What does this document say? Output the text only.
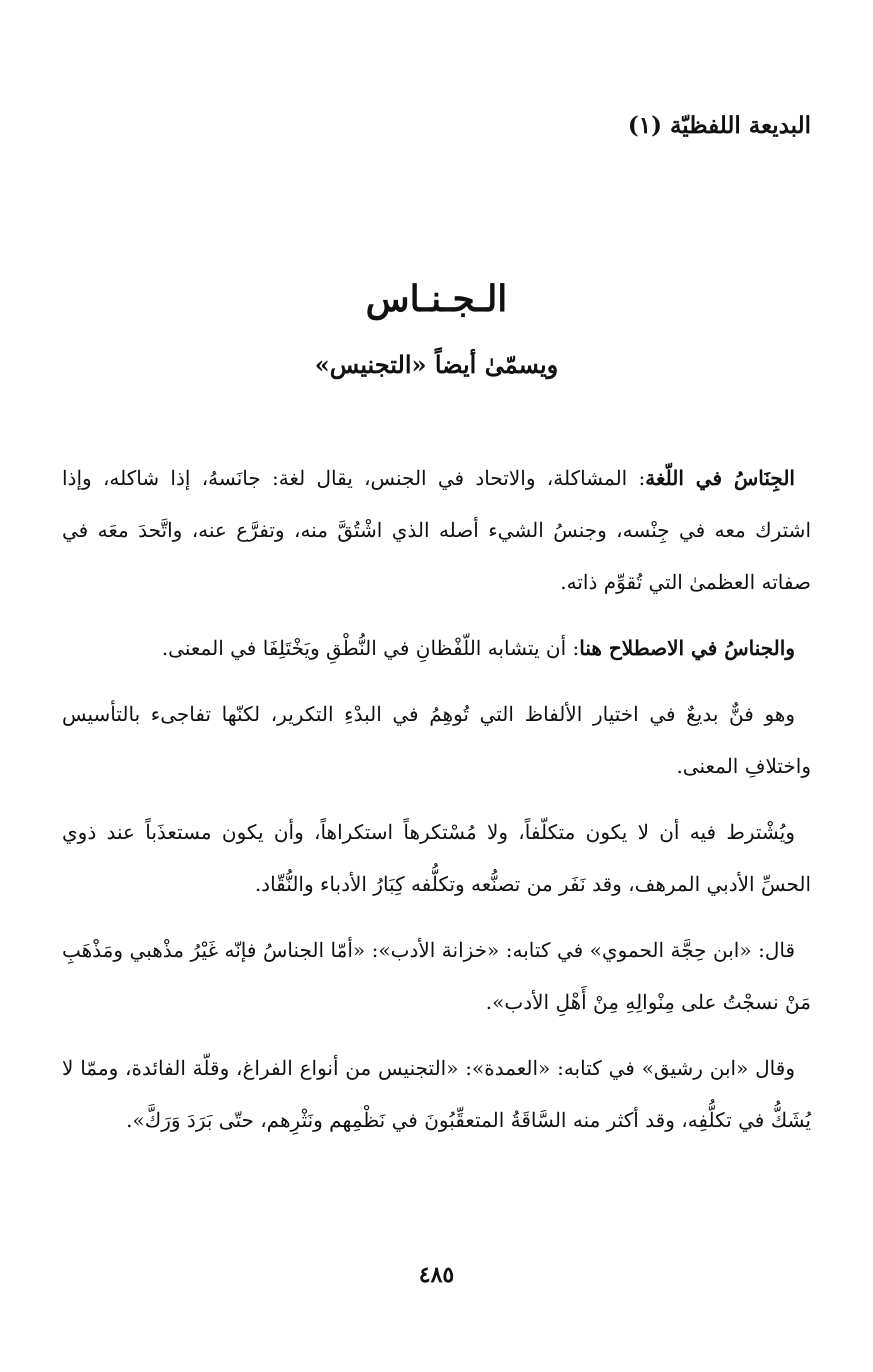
البديعة اللفظيّة (١)
الـجـنـاس
ويسمّىٰ أيضاً «التجنيس»

الجِنَاسُ في اللّغة: المشاكلة، والاتحاد في الجنس، يقال لغة: جانَسهُ، إذا شاكله، وإذا اشترك معه في جِنْسه، وجنسُ الشيء أصله الذي اشْتُقَّ منه، وتفرَّع عنه، واتَّحدَ معَه في صفاته العظمىٰ التي تُقوِّم ذاته.

والجناسُ في الاصطلاح هنا: أن يتشابه اللّفْظانِ في النُّطْقِ ويَخْتَلِفَا في المعنى.

وهو فنٌّ بديعٌ في اختيار الألفاظ التي تُوهِمُ في البدْءِ التكرير، لكنّها تفاجىء بالتأسيس واختلافِ المعنى.

ويُشْترط فيه أن لا يكون متكلّفاً، ولا مُسْتكرهاً استكراهاً، وأن يكون مستعذَباً عند ذوي الحسِّ الأدبي المرهف، وقد نَفَر من تصنُّعه وتكلُّفه كِبَارُ الأدباء والنُّقّاد.

قال: «ابن حِجَّة الحموي» في كتابه: «خزانة الأدب»: «أمّا الجناسُ فإنّه غَيْرُ مذْهبي ومَذْهَبِ مَنْ نسجْتُ على مِنْوالِهِ مِنْ أَهْلِ الأدب».

وقال «ابن رشيق» في كتابه: «العمدة»: «التجنيس من أنواع الفراغ، وقلّة الفائدة، وممّا لا يُشَكُّ في تكلُّفِه، وقد أكثر منه السَّاقَةُ المتعقِّبُونَ في نَظْمِهم ونَثْرِهم، حتّى بَرَدَ وَرَكَّ».

٤٨٥
